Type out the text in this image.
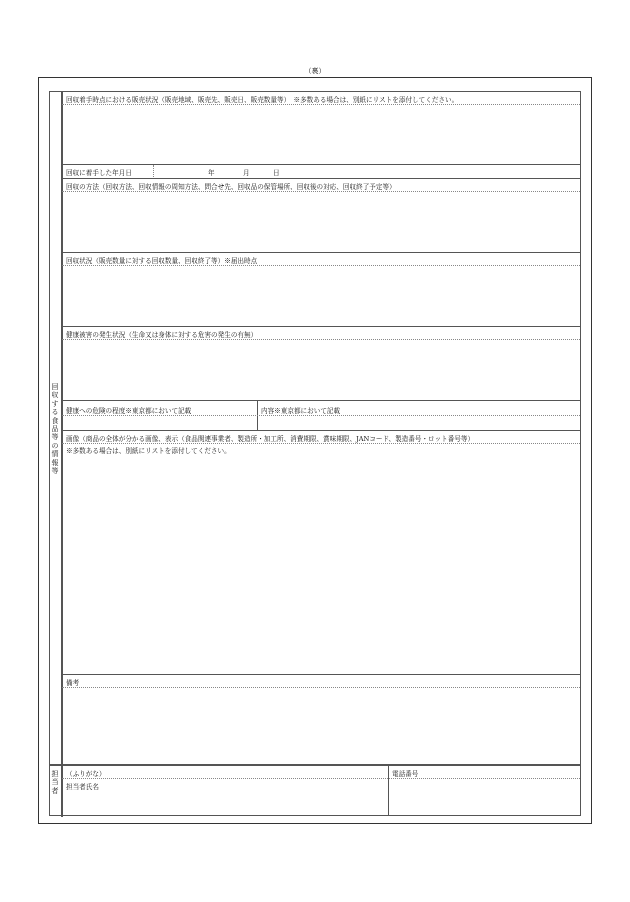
（裏）
回収する食品等の情報等
担当者
回収着手時点における販売状況（販売地域、販売先、販売日、販売数量等）　※多数ある場合は、別紙にリストを添付してください。
回収に着手した年月日	年	月	日
回収の方法（回収方法、回収情報の周知方法、問合せ先、回収品の保管場所、回収後の対応、回収終了予定等）
回収状況（販売数量に対する回収数量、回収終了等）※届出時点
健康被害の発生状況（生命又は身体に対する危害の発生の有無）
健康への危険の程度※東京都において記載	内容※東京都において記載
画像（商品の全体が分かる画像、表示（食品関連事業者、製造所・加工所、消費期限、賞味期限、JANコード、製造番号・ロット番号等）
※多数ある場合は、別紙にリストを添付してください。
備考
（ふりがな）
担当者氏名
電話番号
